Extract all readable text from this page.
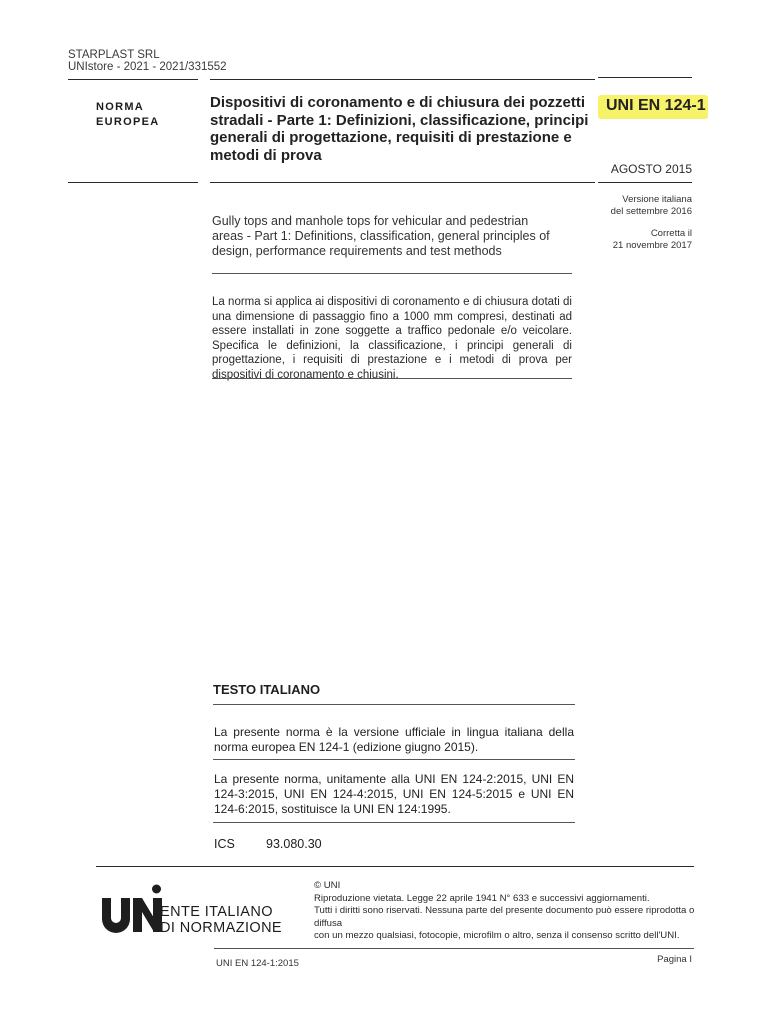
STARPLAST SRL
UNIstore - 2021 - 2021/331552
NORMA
EUROPEA
Dispositivi di coronamento e di chiusura dei pozzetti stradali - Parte 1: Definizioni, classificazione, principi generali di progettazione, requisiti di prestazione e metodi di prova
UNI EN 124-1
AGOSTO 2015
Versione italiana
del settembre 2016
Corretta il
21 novembre 2017
Gully tops and manhole tops for vehicular and pedestrian areas - Part 1: Definitions, classification, general principles of design, performance requirements and test methods
La norma si applica ai dispositivi di coronamento e di chiusura dotati di una dimensione di passaggio fino a 1000 mm compresi, destinati ad essere installati in zone soggette a traffico pedonale e/o veicolare. Specifica le definizioni, la classificazione, i principi generali di progettazione, i requisiti di prestazione e i metodi di prova per dispositivi di coronamento e chiusini.
TESTO ITALIANO
La presente norma è la versione ufficiale in lingua italiana della norma europea EN 124-1 (edizione giugno 2015).
La presente norma, unitamente alla UNI EN 124-2:2015, UNI EN 124-3:2015, UNI EN 124-4:2015, UNI EN 124-5:2015 e UNI EN 124-6:2015, sostituisce la UNI EN 124:1995.
ICS 93.080.30
ENTE ITALIANO
DI NORMAZIONE
© UNI
Riproduzione vietata. Legge 22 aprile 1941 N° 633 e successivi aggiornamenti.
Tutti i diritti sono riservati. Nessuna parte del presente documento può essere riprodotta o diffusa
con un mezzo qualsiasi, fotocopie, microfilm o altro, senza il consenso scritto dell'UNI.
UNI EN 124-1:2015	Pagina I
